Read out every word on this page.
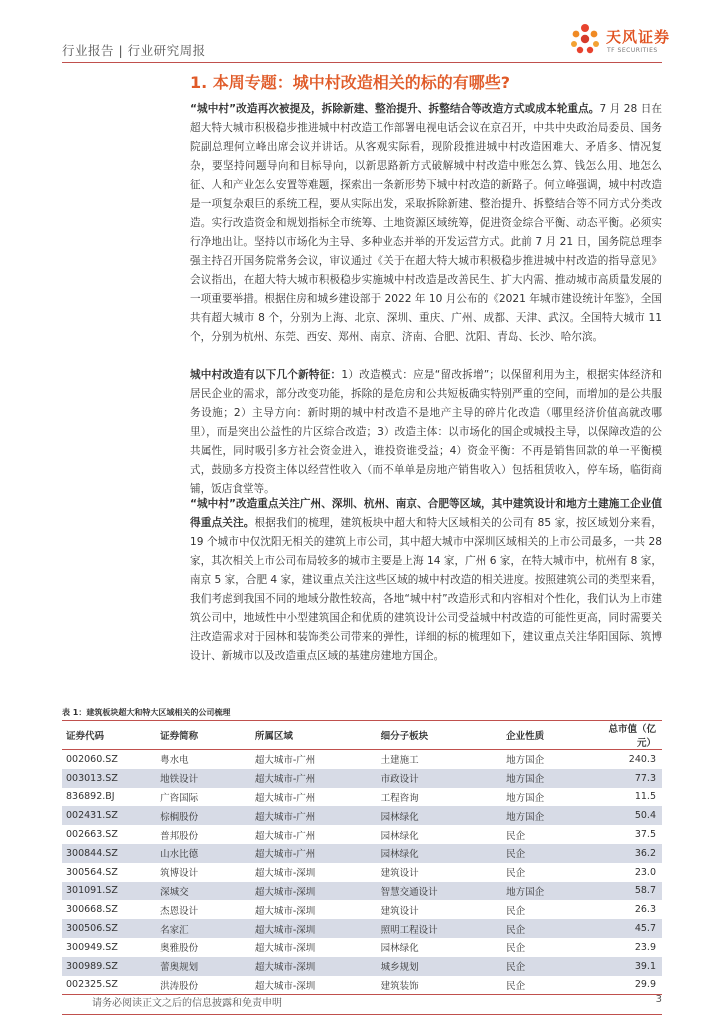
行业报告 | 行业研究周报
天风证券
TF SECURITIES
1. 本周专题：城中村改造相关的标的有哪些?
“城中村”改造再次被提及，拆除新建、整治提升、拆整结合等改造方式或成本轮重点。7 月 28 日在超大特大城市积极稳步推进城中村改造工作部署电视电话会议在京召开，中共中央政治局委员、国务院副总理何立峰出席会议并讲话。从客观实际看，现阶段推进城中村改造困难大、矛盾多、情况复杂，要坚持问题导向和目标导向，以新思路新方式破解城中村改造中账怎么算、钱怎么用、地怎么征、人和产业怎么安置等难题，探索出一条新形势下城中村改造的新路子。何立峰强调，城中村改造是一项复杂艰巨的系统工程，要从实际出发，采取拆除新建、整治提升、拆整结合等不同方式分类改造。实行改造资金和规划指标全市统筹、土地资源区域统筹，促进资金综合平衡、动态平衡。必须实行净地出让。坚持以市场化为主导、多种业态并举的开发运营方式。此前 7 月 21 日，国务院总理李强主持召开国务院常务会议，审议通过《关于在超大特大城市积极稳步推进城中村改造的指导意见》会议指出，在超大特大城市积极稳步实施城中村改造是改善民生、扩大内需、推动城市高质量发展的一项重要举措。根据住房和城乡建设部于 2022 年 10 月公布的《2021 年城市建设统计年鉴》，全国共有超大城市 8 个，分别为上海、北京、深圳、重庆、广州、成都、天津、武汉。全国特大城市 11 个，分别为杭州、东莞、西安、郑州、南京、济南、合肥、沈阳、青岛、长沙、哈尔滨。
城中村改造有以下几个新特征：1）改造模式：应是“留改拆增”；以保留利用为主，根据实体经济和居民企业的需求，部分改变功能，拆除的是危房和公共短板确实特别严重的空间，而增加的是公共服务设施；2）主导方向：新时期的城中村改造不是地产主导的碎片化改造（哪里经济价值高就改哪里），而是突出公益性的片区综合改造；3）改造主体：以市场化的国企或城投主导，以保障改造的公共属性，同时吸引多方社会资金进入，谁投资谁受益；4）资金平衡：不再是销售回款的单一平衡模式，鼓励多方投资主体以经营性收入（而不单单是房地产销售收入）包括租赁收入，停车场，临街商铺，饭店食堂等。
“城中村”改造重点关注广州、深圳、杭州、南京、合肥等区域，其中建筑设计和地方土建施工企业值得重点关注。根据我们的梳理，建筑板块中超大和特大区域相关的公司有 85 家，按区域划分来看，19 个城市中仅沈阳无相关的建筑上市公司，其中超大城市中深圳区域相关的上市公司最多，一共 28 家，其次相关上市公司布局较多的城市主要是上海 14 家，广州 6 家，在特大城市中，杭州有 8 家，南京 5 家，合肥 4 家，建议重点关注这些区域的城中村改造的相关进度。按照建筑公司的类型来看，我们考虑到我国不同的地域分散性较高，各地“城中村”改造形式和内容相对个性化，我们认为上市建筑公司中，地域性中小型建筑国企和优质的建筑设计公司受益城中村改造的可能性更高，同时需要关注改造需求对于园林和装饰类公司带来的弹性，详细的标的梳理如下，建议重点关注华阳国际、筑博设计、新城市以及改造重点区域的基建房建地方国企。
表 1：建筑板块超大和特大区域相关的公司梳理
证券代码	证券简称	所属区域	细分子板块	企业性质	总市值（亿元）
002060.SZ	粤水电	超大城市-广州	土建施工	地方国企	240.3
003013.SZ	地铁设计	超大城市-广州	市政设计	地方国企	77.3
836892.BJ	广咨国际	超大城市-广州	工程咨询	地方国企	11.5
002431.SZ	棕榈股份	超大城市-广州	园林绿化	地方国企	50.4
002663.SZ	普邦股份	超大城市-广州	园林绿化	民企	37.5
300844.SZ	山水比德	超大城市-广州	园林绿化	民企	36.2
300564.SZ	筑博设计	超大城市-深圳	建筑设计	民企	23.0
301091.SZ	深城交	超大城市-深圳	智慧交通设计	地方国企	58.7
300668.SZ	杰恩设计	超大城市-深圳	建筑设计	民企	26.3
300506.SZ	名家汇	超大城市-深圳	照明工程设计	民企	45.7
300949.SZ	奥雅股份	超大城市-深圳	园林绿化	民企	23.9
300989.SZ	蕾奥规划	超大城市-深圳	城乡规划	民企	39.1
002325.SZ	洪涛股份	超大城市-深圳	建筑装饰	民企	29.9
请务必阅读正文之后的信息披露和免责申明	3
